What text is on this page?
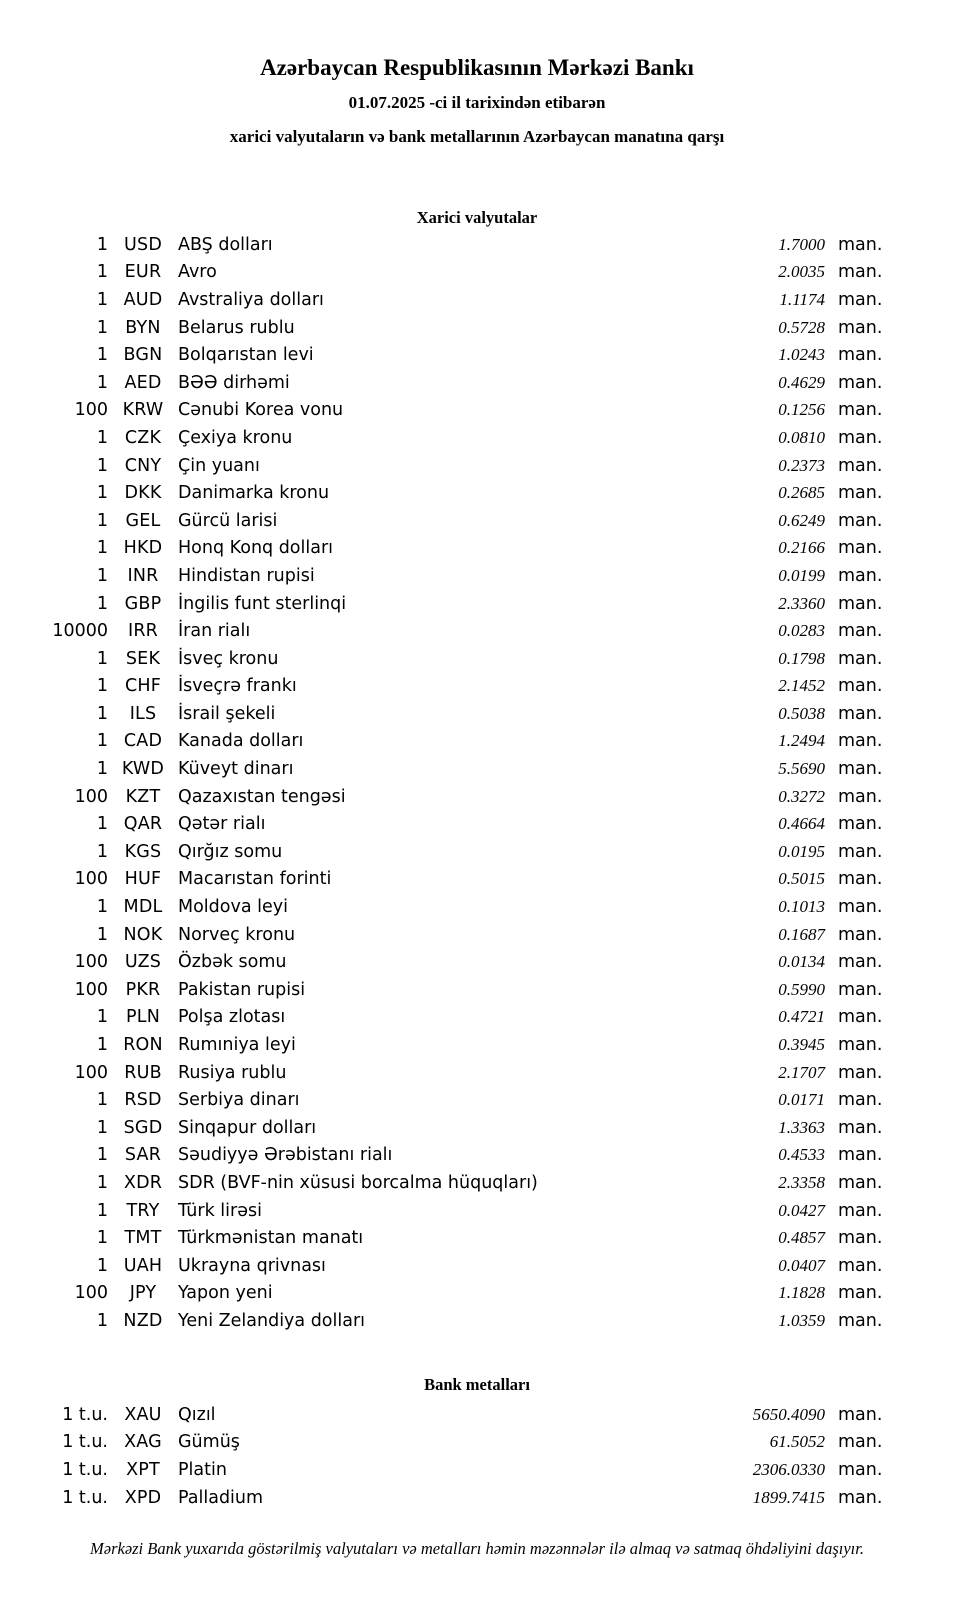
Azərbaycan Respublikasının Mərkəzi Bankı
01.07.2025 -ci il tarixindən etibarən
xarici valyutaların və bank metallarının Azərbaycan manatına qarşı
Xarici valyutalar
1 USD ABŞ dolları	1.7000 man.
1 EUR Avro	2.0035 man.
1 AUD Avstraliya dolları	1.1174 man.
1 BYN Belarus rublu	0.5728 man.
1 BGN Bolqarıstan levi	1.0243 man.
1 AED BƏƏ dirhəmi	0.4629 man.
100 KRW Cənubi Korea vonu	0.1256 man.
1 CZK Çexiya kronu	0.0810 man.
1 CNY Çin yuanı	0.2373 man.
1 DKK Danimarka kronu	0.2685 man.
1	GEL	Gürcü larisi	0.6249 man.
1 HKD Honq Konq dolları	0.2166 man.
1	INR	Hindistan rupisi	0.0199 man.
1 GBP İngilis funt sterlinqi	2.3360 man.
10000	IRR	İran rialı	0.0283 man.
1	SEK	İsveç kronu	0.1798 man.
1 CHF İsveçrə frankı	2.1452 man.
1	ILS	İsrail şekeli	0.5038 man.
1 CAD Kanada dolları	1.2494 man.
1 KWD Küveyt dinarı	5.5690 man.
100	KZT	Qazaxıstan tengəsi	0.3272 man.
1 QAR Qətər rialı	0.4664 man.
1 KGS Qırğız somu	0.0195 man.
100 HUF Macarıstan forinti	0.5015 man.
1 MDL Moldova leyi	0.1013 man.
1 NOK Norveç kronu	0.1687 man.
100 UZS Özbək somu	0.0134 man.
100	PKR	Pakistan rupisi	0.5990 man.
1	PLN	Polşa zlotası	0.4721 man.
1 RON Rumıniya leyi	0.3945 man.
100 RUB Rusiya rublu	2.1707 man.
1 RSD Serbiya dinarı	0.0171 man.
1 SGD Sinqapur dolları	1.3363 man.
1 SAR Səudiyyə Ərəbistanı rialı	0.4533 man.
1 XDR SDR (BVF-nin xüsusi borcalma hüquqları)	2.3358 man.
1	TRY	Türk lirəsi	0.0427 man.
1 TMT Türkmənistan manatı	0.4857 man.
1 UAH Ukrayna qrivnası	0.0407 man.
100	JPY	Yapon yeni	1.1828 man.
1 NZD Yeni Zelandiya dolları	1.0359 man.
Bank metalları
1 t.u. XAU Qızıl	5650.4090 man.
1 t.u. XAG Gümüş	61.5052 man.
1 t.u.	XPT	Platin	2306.0330 man.
1 t.u. XPD Palladium	1899.7415 man.
Mərkəzi Bank yuxarıda göstərilmiş valyutaları və metalları həmin məzənnələr ilə almaq və satmaq öhdəliyini daşıyır.
